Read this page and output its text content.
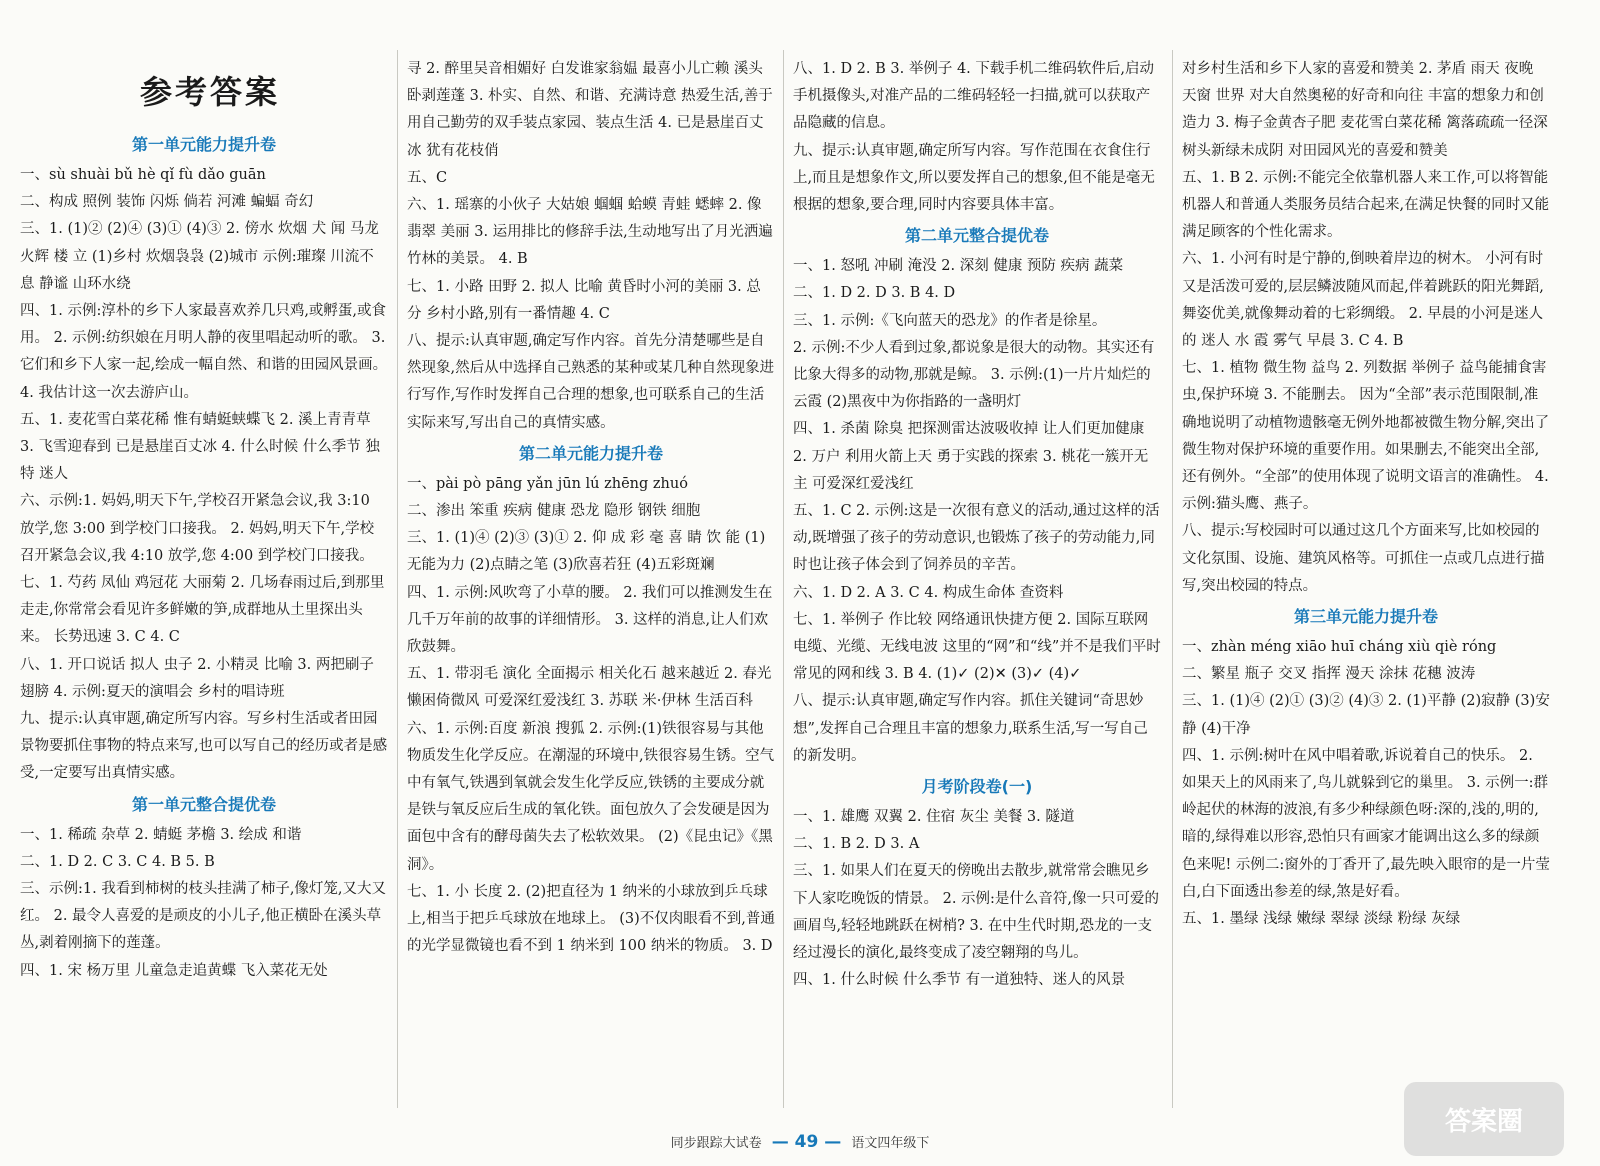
参考答案
第一单元能力提升卷
一、sù shuài bǔ hè qǐ fù dǎo guān
二、构成 照例 装饰 闪烁 倘若 河滩 蝙蝠 奇幻
三、1. (1)② (2)④ (3)① (4)③ 2. 傍水 炊烟 犬 闻 马龙 火辉 楼 立 (1)乡村 炊烟袅袅 (2)城市 示例:璀璨 川流不息 静谧 山环水绕
四、1. 示例:淳朴的乡下人家最喜欢养几只鸡,或孵蛋,或食用。 2. 示例:纺织娘在月明人静的夜里唱起动听的歌。 3. 它们和乡下人家一起,绘成一幅自然、和谐的田园风景画。 4. 我估计这一次去游庐山。
五、1. 麦花雪白菜花稀 惟有蜻蜓蛱蝶飞 2. 溪上青青草 3. 飞雪迎春到 已是悬崖百丈冰 4. 什么时候 什么季节 独特 迷人
六、示例:1. 妈妈,明天下午,学校召开紧急会议,我 3:10 放学,您 3:00 到学校门口接我。 2. 妈妈,明天下午,学校召开紧急会议,我 4:10 放学,您 4:00 到学校门口接我。
七、1. 芍药 凤仙 鸡冠花 大丽菊 2. 几场春雨过后,到那里走走,你常常会看见许多鲜嫩的笋,成群地从土里探出头来。 长势迅速 3. C 4. C
八、1. 开口说话 拟人 虫子 2. 小精灵 比喻 3. 两把刷子 翅膀 4. 示例:夏天的演唱会 乡村的唱诗班
九、提示:认真审题,确定所写内容。写乡村生活或者田园景物要抓住事物的特点来写,也可以写自己的经历或者是感受,一定要写出真情实感。
第一单元整合提优卷
一、1. 稀疏 杂草 2. 蜻蜓 茅檐 3. 绘成 和谐
二、1. D 2. C 3. C 4. B 5. B
三、示例:1. 我看到柿树的枝头挂满了柿子,像灯笼,又大又红。 2. 最令人喜爱的是顽皮的小儿子,他正横卧在溪头草丛,剥着刚摘下的莲蓬。
四、1. 宋 杨万里 儿童急走追黄蝶 飞入菜花无处
寻 2. 醉里吴音相媚好 白发谁家翁媪 最喜小儿亡赖 溪头卧剥莲蓬 3. 朴实、自然、和谐、充满诗意 热爱生活,善于用自己勤劳的双手装点家园、装点生活 4. 已是悬崖百丈冰 犹有花枝俏
五、C
六、1. 瑶寨的小伙子 大姑娘 蝈蝈 蛤蟆 青蛙 蟋蟀 2. 像翡翠 美丽 3. 运用排比的修辞手法,生动地写出了月光洒遍竹林的美景。 4. B
七、1. 小路 田野 2. 拟人 比喻 黄昏时小河的美丽 3. 总分 乡村小路,别有一番情趣 4. C
八、提示:认真审题,确定写作内容。首先分清楚哪些是自然现象,然后从中选择自己熟悉的某种或某几种自然现象进行写作,写作时发挥自己合理的想象,也可联系自己的生活实际来写,写出自己的真情实感。
第二单元能力提升卷
一、pài pò pāng yǎn jūn lú zhēng zhuó
二、渗出 笨重 疾病 健康 恐龙 隐形 钢铁 细胞
三、1. (1)④ (2)③ (3)① 2. 仰 成 彩 毫 喜 睛 饮 能 (1)无能为力 (2)点睛之笔 (3)欣喜若狂 (4)五彩斑斓
四、1. 示例:风吹弯了小草的腰。 2. 我们可以推测发生在几千万年前的故事的详细情形。 3. 这样的消息,让人们欢欣鼓舞。
五、1. 带羽毛 演化 全面揭示 相关化石 越来越近 2. 春光懒困倚微风 可爱深红爱浅红 3. 苏联 米·伊林 生活百科
六、1. 示例:百度 新浪 搜狐 2. 示例:(1)铁很容易与其他物质发生化学反应。在潮湿的环境中,铁很容易生锈。空气中有氧气,铁遇到氧就会发生化学反应,铁锈的主要成分就是铁与氧反应后生成的氧化铁。面包放久了会发硬是因为面包中含有的酵母菌失去了松软效果。 (2)《昆虫记》《黑洞》。
七、1. 小 长度 2. (2)把直径为 1 纳米的小球放到乒乓球上,相当于把乒乓球放在地球上。 (3)不仅肉眼看不到,普通的光学显微镜也看不到 1 纳米到 100 纳米的物质。 3. D
八、1. D 2. B 3. 举例子 4. 下载手机二维码软件后,启动手机摄像头,对准产品的二维码轻轻一扫描,就可以获取产品隐藏的信息。
九、提示:认真审题,确定所写内容。写作范围在衣食住行上,而且是想象作文,所以要发挥自己的想象,但不能是毫无根据的想象,要合理,同时内容要具体丰富。
第二单元整合提优卷
一、1. 怒吼 冲刷 淹没 2. 深刻 健康 预防 疾病 蔬菜
二、1. D 2. D 3. B 4. D
三、1. 示例:《飞向蓝天的恐龙》的作者是徐星。
2. 示例:不少人看到过象,都说象是很大的动物。其实还有比象大得多的动物,那就是鲸。 3. 示例:(1)一片片灿烂的云霞 (2)黑夜中为你指路的一盏明灯
四、1. 杀菌 除臭 把探测雷达波吸收掉 让人们更加健康 2. 万户 利用火箭上天 勇于实践的探索 3. 桃花一簇开无主 可爱深红爱浅红
五、1. C 2. 示例:这是一次很有意义的活动,通过这样的活动,既增强了孩子的劳动意识,也锻炼了孩子的劳动能力,同时也让孩子体会到了饲养员的辛苦。
六、1. D 2. A 3. C 4. 构成生命体 查资料
七、1. 举例子 作比较 网络通讯快捷方便 2. 国际互联网 电缆、光缆、无线电波 这里的“网”和“线”并不是我们平时常见的网和线 3. B 4. (1)✓ (2)✕ (3)✓ (4)✓
八、提示:认真审题,确定写作内容。抓住关键词“奇思妙想”,发挥自己合理且丰富的想象力,联系生活,写一写自己的新发明。
月考阶段卷(一)
一、1. 雄鹰 双翼 2. 住宿 灰尘 美餐 3. 隧道
二、1. B 2. D 3. A
三、1. 如果人们在夏天的傍晚出去散步,就常常会瞧见乡下人家吃晚饭的情景。 2. 示例:是什么音符,像一只可爱的画眉鸟,轻轻地跳跃在树梢? 3. 在中生代时期,恐龙的一支经过漫长的演化,最终变成了凌空翱翔的鸟儿。
四、1. 什么时候 什么季节 有一道独特、迷人的风景
对乡村生活和乡下人家的喜爱和赞美 2. 茅盾 雨天 夜晚 天窗 世界 对大自然奥秘的好奇和向往 丰富的想象力和创造力 3. 梅子金黄杏子肥 麦花雪白菜花稀 篱落疏疏一径深 树头新绿未成阴 对田园风光的喜爱和赞美
五、1. B 2. 示例:不能完全依靠机器人来工作,可以将智能机器人和普通人类服务员结合起来,在满足快餐的同时又能满足顾客的个性化需求。
六、1. 小河有时是宁静的,倒映着岸边的树木。 小河有时又是活泼可爱的,层层鳞波随风而起,伴着跳跃的阳光舞蹈,舞姿优美,就像舞动着的七彩绸缎。 2. 早晨的小河是迷人的 迷人 水 霞 雾气 早晨 3. C 4. B
七、1. 植物 微生物 益鸟 2. 列数据 举例子 益鸟能捕食害虫,保护环境 3. 不能删去。 因为“全部”表示范围限制,准确地说明了动植物遗骸毫无例外地都被微生物分解,突出了微生物对保护环境的重要作用。如果删去,不能突出全部,还有例外。“全部”的使用体现了说明文语言的准确性。 4. 示例:猫头鹰、燕子。
八、提示:写校园时可以通过这几个方面来写,比如校园的文化氛围、设施、建筑风格等。可抓住一点或几点进行描写,突出校园的特点。
第三单元能力提升卷
一、zhàn méng xiāo huī cháng xiù qiè róng
二、繁星 瓶子 交叉 指挥 漫天 涂抹 花穗 波涛
三、1. (1)④ (2)① (3)② (4)③ 2. (1)平静 (2)寂静 (3)安静 (4)干净
四、1. 示例:树叶在风中唱着歌,诉说着自己的快乐。 2. 如果天上的风雨来了,鸟儿就躲到它的巢里。 3. 示例一:群岭起伏的林海的波浪,有多少种绿颜色呀:深的,浅的,明的,暗的,绿得难以形容,恐怕只有画家才能调出这么多的绿颜色来呢! 示例二:窗外的丁香开了,最先映入眼帘的是一片莹白,白下面透出参差的绿,煞是好看。
五、1. 墨绿 浅绿 嫩绿 翠绿 淡绿 粉绿 灰绿
同步跟踪大试卷 — 49 — 语文四年级下
答案圈
